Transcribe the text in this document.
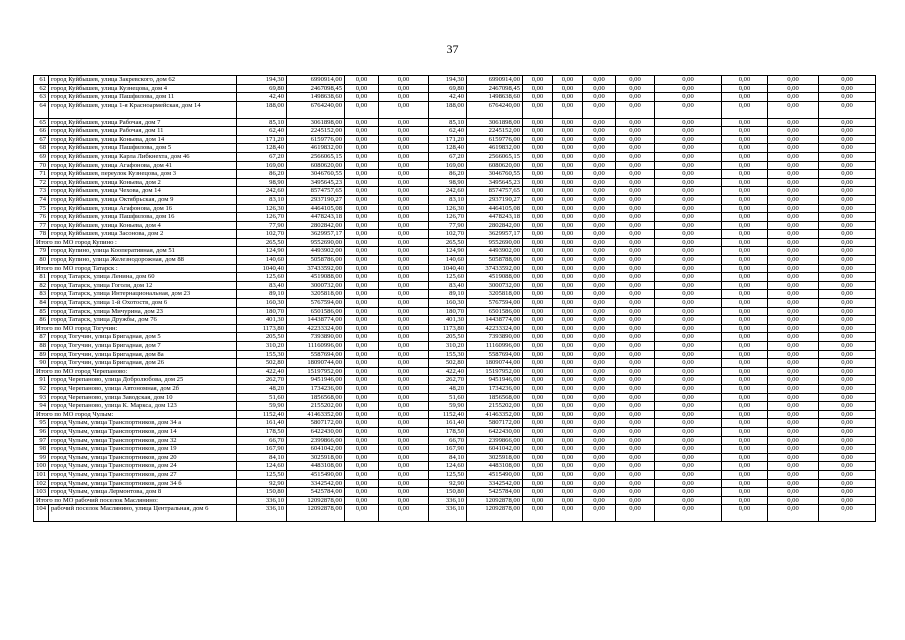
37
61	город Куйбышев, улица Закревского, дом 62	194,30	6990914,00	0,00	0,00	194,30	6990914,00	0,00	0,00	0,00	0,00	0,00	0,00	0,00	0,00
62	город Куйбышев, улица Кузнецова, дом 4	69,80	2467098,45	0,00	0,00	69,80	2467098,45	0,00	0,00	0,00	0,00	0,00	0,00	0,00	0,00
63	город Куйбышев, улица Пашфилова, дом 11	42,40	1498638,60	0,00	0,00	42,40	1498638,60	0,00	0,00	0,00	0,00	0,00	0,00	0,00	0,00
64	город Куйбышев, улица 1-я Краснoармейская, дом 14	188,00	6764240,00	0,00	0,00	188,00	6764240,00	0,00	0,00	0,00	0,00	0,00	0,00	0,00	0,00
65	город Куйбышев, улица Рабочая, дом 7	85,10	3061898,00	0,00	0,00	85,10	3061898,00	0,00	0,00	0,00	0,00	0,00	0,00	0,00	0,00
66	город Куйбышев, улица Рабочая, дом 11	62,40	2245152,00	0,00	0,00	62,40	2245152,00	0,00	0,00	0,00	0,00	0,00	0,00	0,00	0,00
67	город Куйбышев, улица Коньева, дом 14	171,20	6159776,00	0,00	0,00	171,20	6159776,00	0,00	0,00	0,00	0,00	0,00	0,00	0,00	0,00
68	город Куйбышев, улица Пашфилова, дом 5	128,40	4619832,00	0,00	0,00	128,40	4619832,00	0,00	0,00	0,00	0,00	0,00	0,00	0,00	0,00
69	город Куйбышев, улица Карла Либкнехта, дом 46	67,20	2566065,15	0,00	0,00	67,20	2566065,15	0,00	0,00	0,00	0,00	0,00	0,00	0,00	0,00
70	город Куйбышев, улица Агафонова, дом 41	169,00	6080620,00	0,00	0,00	169,00	6080620,00	0,00	0,00	0,00	0,00	0,00	0,00	0,00	0,00
71	город Куйбышев, переулок Кузнецова, дом 3	86,20	3046760,55	0,00	0,00	86,20	3046760,55	0,00	0,00	0,00	0,00	0,00	0,00	0,00	0,00
72	город Куйбышев, улица Коньева, дом 2	98,90	3495645,23	0,00	0,00	98,90	3495645,23	0,00	0,00	0,00	0,00	0,00	0,00	0,00	0,00
73	город Куйбышев, улица Чехова, дом 14	242,60	8574757,65	0,00	0,00	242,60	8574757,65	0,00	0,00	0,00	0,00	0,00	0,00	0,00	0,00
74	город Куйбышев, улица Октябрьская, дом 9	83,10	2937190,27	0,00	0,00	83,10	2937190,27	0,00	0,00	0,00	0,00	0,00	0,00	0,00	0,00
75	город Куйбышев, улица Агафонова, дом 16	126,30	4464105,08	0,00	0,00	126,30	4464105,08	0,00	0,00	0,00	0,00	0,00	0,00	0,00	0,00
76	город Куйбышев, улица Пашфилова, дом 16	126,70	4478243,18	0,00	0,00	126,70	4478243,18	0,00	0,00	0,00	0,00	0,00	0,00	0,00	0,00
77	город Куйбышев, улица Коньева, дом 4	77,90	2802842,00	0,00	0,00	77,90	2802842,00	0,00	0,00	0,00	0,00	0,00	0,00	0,00	0,00
78	город Куйбышев, улица Засонова, дом 2	102,70	3629957,17	0,00	0,00	102,70	3629957,17	0,00	0,00	0,00	0,00	0,00	0,00	0,00	0,00
Итого по МО город Купино :		265,50	9552690,00	0,00	0,00	265,50	9552690,00	0,00	0,00	0,00	0,00	0,00	0,00	0,00	0,00
79	город Купино, улица Кооперативная, дом 51	124,90	4493902,00	0,00	0,00	124,90	4493902,00	0,00	0,00	0,00	0,00	0,00	0,00	0,00	0,00
80	город Купино, улица Железнодорожная, дом 88	140,60	5058786,00	0,00	0,00	140,60	5058788,00	0,00	0,00	0,00	0,00	0,00	0,00	0,00	0,00
Итого по МО город Татарск :		1040,40	37433592,00	0,00	0,00	1040,40	37433592,00	0,00	0,00	0,00	0,00	0,00	0,00	0,00	0,00
81	город Татарск, улица Ленина, дом 60	125,60	4519088,00	0,00	0,00	125,60	4519088,00	0,00	0,00	0,00	0,00	0,00	0,00	0,00	0,00
82	город Татарск, улица Гоголя, дом 12	83,40	3000732,00	0,00	0,00	83,40	3000732,00	0,00	0,00	0,00	0,00	0,00	0,00	0,00	0,00
83	город Татарск, улица Интернациональная, дом 23	89,10	3205818,00	0,00	0,00	89,10	3205818,00	0,00	0,00	0,00	0,00	0,00	0,00	0,00	0,00
84	город Татарск, улица 1-й Охотоств, дом 6	160,30	5767594,00	0,00	0,00	160,30	5767594,00	0,00	0,00	0,00	0,00	0,00	0,00	0,00	0,00
85	город Татарск, улица Мичурина, дом 23	180,70	6501586,00	0,00	0,00	180,70	6501586,00	0,00	0,00	0,00	0,00	0,00	0,00	0,00	0,00
86	город Татарск, улица Дружбы, дом 76	401,30	14438774,00	0,00	0,00	401,30	14438774,00	0,00	0,00	0,00	0,00	0,00	0,00	0,00	0,00
Итого по МО город Тогучин:		1173,80	42233324,00	0,00	0,00	1173,80	42233324,00	0,00	0,00	0,00	0,00	0,00	0,00	0,00	0,00
87	город Тогучин, улица Бригадная, дом 5	205,50	7393890,00	0,00	0,00	205,50	7393890,00	0,00	0,00	0,00	0,00	0,00	0,00	0,00	0,00
88	город Тогучин, улица Бригадная, дом 7	310,20	11160996,00	0,00	0,00	310,20	11160996,00	0,00	0,00	0,00	0,00	0,00	0,00	0,00	0,00
89	город Тогучин, улица Бригадная, дом 8а	155,30	5587694,00	0,00	0,00	155,30	5587694,00	0,00	0,00	0,00	0,00	0,00	0,00	0,00	0,00
90	город Тогучин, улица Бригадная, дом 26	502,80	18090744,00	0,00	0,00	502,80	18090744,00	0,00	0,00	0,00	0,00	0,00	0,00	0,00	0,00
Итого по МО город Черепаново:		422,40	15197952,00	0,00	0,00	422,40	15197952,00	0,00	0,00	0,00	0,00	0,00	0,00	0,00	0,00
91	город Черепаново, улица Добролюбова, дом 25	262,70	9451946,00	0,00	0,00	262,70	9451946,00	0,00	0,00	0,00	0,00	0,00	0,00	0,00	0,00
92	город Черепаново, улица Автономная, дом 2б	48,20	1734236,00	0,00	0,00	48,20	1734236,00	0,00	0,00	0,00	0,00	0,00	0,00	0,00	0,00
93	город Черепаново, улица Заводская, дом 10	51,60	1856568,00	0,00	0,00	51,60	1856568,00	0,00	0,00	0,00	0,00	0,00	0,00	0,00	0,00
94	город Черепаново, улица К. Маркса, дом 123	59,90	2155202,00	0,00	0,00	59,90	2155202,00	0,00	0,00	0,00	0,00	0,00	0,00	0,00	0,00
Итого по МО город Чулым:		1152,40	41463352,00	0,00	0,00	1152,40	41463352,00	0,00	0,00	0,00	0,00	0,00	0,00	0,00	0,00
95	город Чулым, улица Транспортников, дом 34 а	161,40	5807172,00	0,00	0,00	161,40	5807172,00	0,00	0,00	0,00	0,00	0,00	0,00	0,00	0,00
96	город Чулым, улица Транспортников, дом 14	178,50	6422430,00	0,00	0,00	178,50	6422430,00	0,00	0,00	0,00	0,00	0,00	0,00	0,00	0,00
97	город Чулым, улица Транспортников, дом 32	66,70	2399866,00	0,00	0,00	66,70	2399866,00	0,00	0,00	0,00	0,00	0,00	0,00	0,00	0,00
98	город Чулым, улица Транспортников, дом 19	167,90	6041042,00	0,00	0,00	167,90	6041042,00	0,00	0,00	0,00	0,00	0,00	0,00	0,00	0,00
99	город Чулым, улица Транспортников, дом 20	84,10	3025918,00	0,00	0,00	84,10	3025918,00	0,00	0,00	0,00	0,00	0,00	0,00	0,00	0,00
100	город Чулым, улица Транспортников, дом 24	124,60	4483108,00	0,00	0,00	124,60	4483108,00	0,00	0,00	0,00	0,00	0,00	0,00	0,00	0,00
101	город Чулым, улица Транспортников, дом 27	125,50	4515490,00	0,00	0,00	125,50	4515490,00	0,00	0,00	0,00	0,00	0,00	0,00	0,00	0,00
102	город Чулым, улица Транспортников, дом 34 б	92,90	3342542,00	0,00	0,00	92,90	3342542,00	0,00	0,00	0,00	0,00	0,00	0,00	0,00	0,00
103	город Чулым, улица Лермонтова, дом 8	150,80	5425784,00	0,00	0,00	150,80	5425784,00	0,00	0,00	0,00	0,00	0,00	0,00	0,00	0,00
Итого по МО рабочий поселок Маслянино:		336,10	12092878,00	0,00	0,00	336,10	12092878,00	0,00	0,00	0,00	0,00	0,00	0,00	0,00	0,00
104	рабочий поселок Маслянино, улица Центральная, дом 6	336,10	12092878,00	0,00	0,00	336,10	12092878,00	0,00	0,00	0,00	0,00	0,00	0,00	0,00	0,00
